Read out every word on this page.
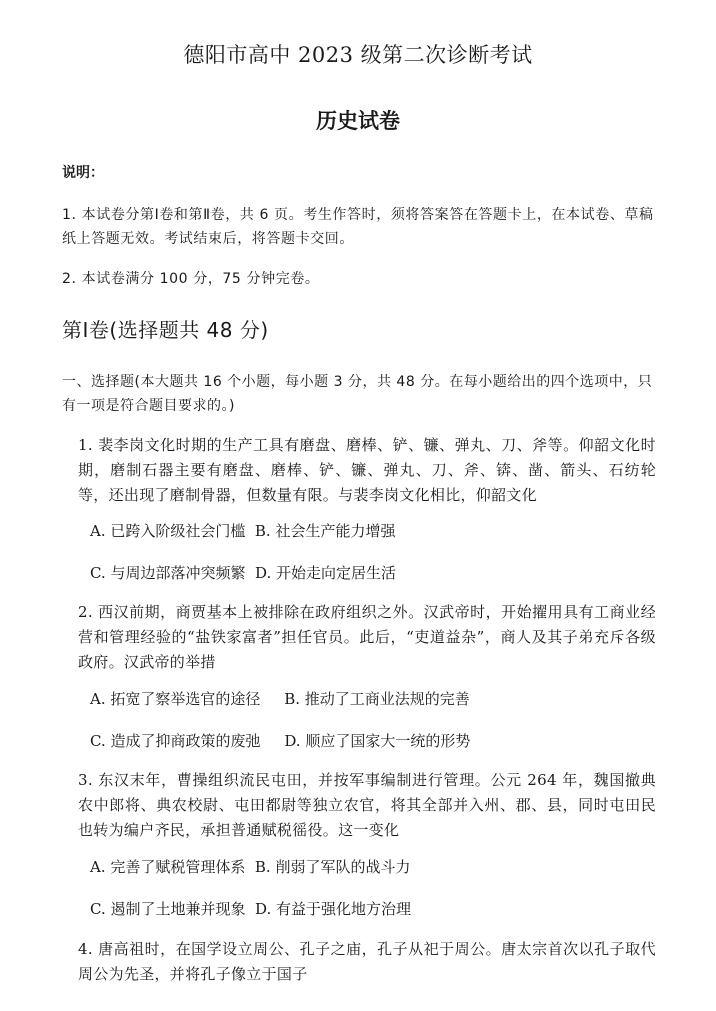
德阳市高中 2023 级第二次诊断考试
历史试卷
说明：
1. 本试卷分第Ⅰ卷和第Ⅱ卷，共 6 页。考生作答时，须将答案答在答题卡上，在本试卷、草稿纸上答题无效。考试结束后，将答题卡交回。
2. 本试卷满分 100 分，75 分钟完卷。
第Ⅰ卷(选择题共 48 分)
一、选择题(本大题共 16 个小题，每小题 3 分，共 48 分。在每小题给出的四个选项中，只有一项是符合题目要求的。)
1. 裴李岗文化时期的生产工具有磨盘、磨棒、铲、镰、弹丸、刀、斧等。仰韶文化时期，磨制石器主要有磨盘、磨棒、铲、镰、弹丸、刀、斧、锛、凿、箭头、石纺轮等，还出现了磨制骨器，但数量有限。与裴李岗文化相比，仰韶文化
A. 已跨入阶级社会门槛  B. 社会生产能力增强
C. 与周边部落冲突频繁  D. 开始走向定居生活
2. 西汉前期，商贾基本上被排除在政府组织之外。汉武帝时，开始擢用具有工商业经营和管理经验的“盐铁家富者”担任官员。此后，“吏道益杂”，商人及其子弟充斥各级政府。汉武帝的举措
A. 拓宽了察举选官的途径     B. 推动了工商业法规的完善
C. 造成了抑商政策的废弛     D. 顺应了国家大一统的形势
3. 东汉末年，曹操组织流民屯田，并按军事编制进行管理。公元 264 年，魏国撤典农中郎将、典农校尉、屯田都尉等独立农官，将其全部并入州、郡、县，同时屯田民也转为编户齐民，承担普通赋税徭役。这一变化
A. 完善了赋税管理体系  B. 削弱了军队的战斗力
C. 遏制了土地兼并现象  D. 有益于强化地方治理
4. 唐高祖时，在国学设立周公、孔子之庙，孔子从祀于周公。唐太宗首次以孔子取代周公为先圣，并将孔子像立于国子
